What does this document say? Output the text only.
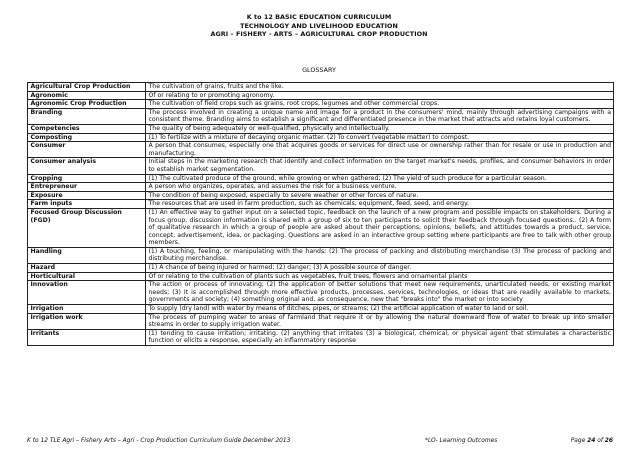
K to 12 BASIC EDUCATION CURRICULUM
TECHNOLOGY AND LIVELIHOOD EDUCATION
AGRI – FISHERY - ARTS – AGRICULTURAL CROP PRODUCTION
GLOSSARY
Agricultural Crop Production	The cultivation of grains, fruits and the like.
Agronomic	Of or relating to or promoting agronomy.
Agronomic Crop Production	The cultivation of field crops such as grains, root crops, legumes and other commercial crops.
Branding	The process involved in creating a unique name and image for a product in the consumers' mind, mainly through advertising campaigns with a consistent theme. Branding aims to establish a significant and differentiated presence in the market that attracts and retains loyal customers.
Competencies	The quality of being adequately or well-qualified, physically and intellectually.
Composting	(1) To fertilize with a mixture of decaying organic matter. (2) To convert (vegetable matter) to compost.
Consumer	A person that consumes, especially one that acquires goods or services for direct use or ownership rather than for resale or use in production and manufacturing.
Consumer analysis	Initial steps in the marketing research that identify and collect information on the target market's needs, profiles, and consumer behaviors in order to establish market segmentation.
Cropping	(1) The cultivated produce of the ground, while growing or when gathered; (2) The yield of such produce for a particular season.
Entrepreneur	A person who organizes, operates, and assumes the risk for a business venture.
Exposure	The condition of being exposed, especially to severe weather or other forces of nature.
Farm inputs	The resources that are used in farm production, such as chemicals, equipment, feed, seed, and energy.
Focused Group Discussion (FGD)	(1) An effective way to gather input on a selected topic, feedback on the launch of a new program and possible impacts on stakeholders. During a focus group, discussion information is shared with a group of six to ten participants to solicit their feedback through focused questions.. (2) A form of qualitative research in which a group of people are asked about their perceptions, opinions, beliefs, and attitudes towards a product, service, concept, advertisement, idea, or packaging. Questions are asked in an interactive group setting where participants are free to talk with other group members.
Handling	(1) A touching, feeling, or manipulating with the hands; (2) The process of packing and distributing merchandise (3) The process of packing and distributing merchandise.
Hazard	(1) A chance of being injured or harmed; (2) danger; (3) A possible source of danger.
Horticultural	Of or relating to the cultivation of plants such as vegetables, fruit trees, flowers and ornamental plants
Innovation	The action or process of innovating; (2) the application of better solutions that meet new requirements, unarticulated needs, or existing market needs; (3) It is accomplished through more effective products, processes, services, technologies, or ideas that are readily available to markets, governments and society; (4) something original and, as consequence, new that "breaks into" the market or into society
Irrigation	To supply (dry land) with water by means of ditches, pipes, or streams; (2) the artificial application of water to land or soil.
Irrigation work	The process of pumping water to areas of farmland that require it or by allowing the natural downward flow of water to break up into smaller streams in order to supply irrigation water.
Irritants	(1) tending to cause irritation; irritating. (2) anything that irritates (3) a biological, chemical, or physical agent that stimulates a characteristic function or elicits a response, especially an inflammatory response
K to 12 TLE Agri – Fishery Arts – Agri - Crop Production Curriculum Guide December 2013	*LO- Learning Outcomes	Page 24 of 26
